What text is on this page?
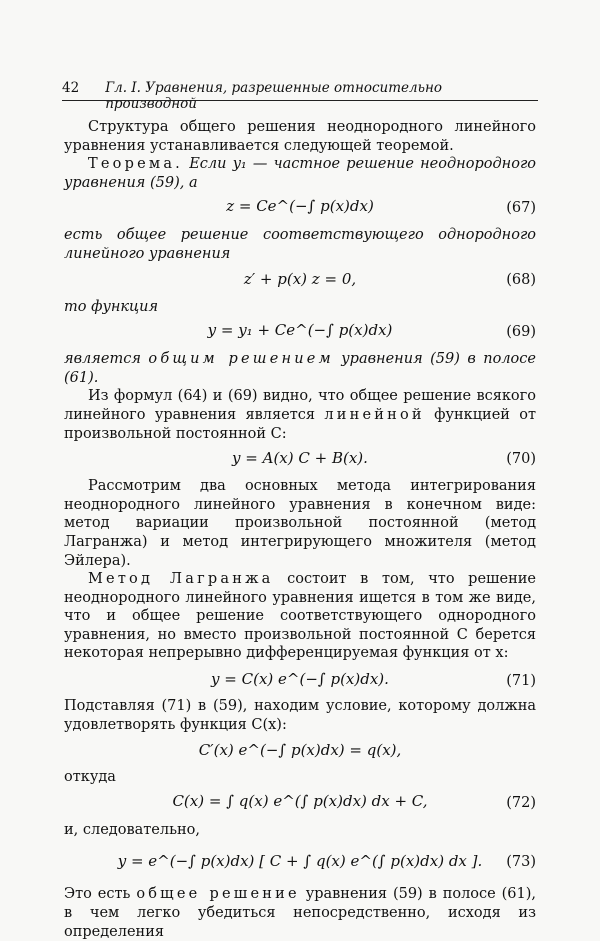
42 Гл. I. Уравнения, разрешенные относительно производной

Структура общего решения неоднородного линейного уравнения устанавливается следующей теоремой.

Теорема. Если y₁ — частное решение неоднородного уравнения (59), а

z = Ce^(−∫ p(x)dx)	(67)

есть общее решение соответствующего однородного линейного уравнения

z′ + p(x) z = 0,	(68)

то функция

y = y₁ + Ce^(−∫ p(x)dx)	(69)

является общим решением уравнения (59) в полосе (61).

Из формул (64) и (69) видно, что общее решение всякого линейного уравнения является линейной функцией от произвольной постоянной C:

y = A(x) C + B(x).	(70)

Рассмотрим два основных метода интегрирования неоднородного линейного уравнения в конечном виде: метод вариации произвольной постоянной (метод Лагранжа) и метод интегрирующего множителя (метод Эйлера).

Метод Лагранжа состоит в том, что решение неоднородного линейного уравнения ищется в том же виде, что и общее решение соответствующего однородного уравнения, но вместо произвольной постоянной C берется некоторая непрерывно дифференцируемая функция от x:

y = C(x) e^(−∫ p(x)dx).	(71)

Подставляя (71) в (59), находим условие, которому должна удовлетворять функция C(x):

C′(x) e^(−∫ p(x)dx) = q(x),

откуда

C(x) = ∫ q(x) e^(∫ p(x)dx) dx + C,	(72)

и, следовательно,

y = e^(−∫ p(x)dx) [ C + ∫ q(x) e^(∫ p(x)dx) dx ].	(73)

Это есть общее решение уравнения (59) в полосе (61), в чем легко убедиться непосредственно, исходя из определения
